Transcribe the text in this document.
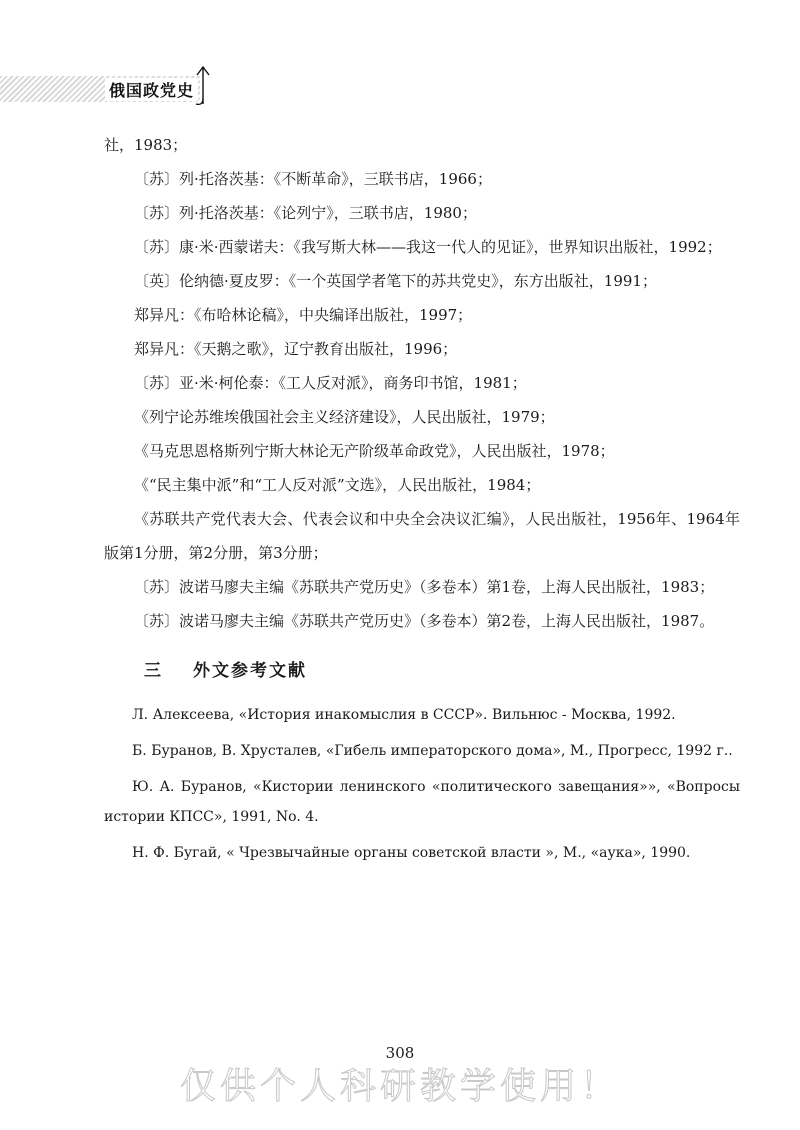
俄国政党史

社，1983；

〔苏〕列·托洛茨基：《不断革命》，三联书店，1966；

〔苏〕列·托洛茨基：《论列宁》，三联书店，1980；

〔苏〕康·米·西蒙诺夫：《我写斯大林——我这一代人的见证》，世界知识出版社，1992；

〔英〕伦纳德·夏皮罗：《一个英国学者笔下的苏共党史》，东方出版社，1991；

郑异凡：《布哈林论稿》，中央编译出版社，1997；

郑异凡：《天鹅之歌》，辽宁教育出版社，1996；

〔苏〕亚·米·柯伦泰：《工人反对派》，商务印书馆，1981；

《列宁论苏维埃俄国社会主义经济建设》，人民出版社，1979；

《马克思恩格斯列宁斯大林论无产阶级革命政党》，人民出版社，1978；

《“民主集中派”和“工人反对派”文选》，人民出版社，1984；

《苏联共产党代表大会、代表会议和中央全会决议汇编》，人民出版社，1956年、1964年版第1分册，第2分册，第3分册；

〔苏〕波诺马廖夫主编《苏联共产党历史》（多卷本）第1卷，上海人民出版社，1983；

〔苏〕波诺马廖夫主编《苏联共产党历史》（多卷本）第2卷，上海人民出版社，1987。

三 外文参考文献

Л. Алексеева, «История инакомыслия в СССР». Вильнюс - Москва, 1992.

Б. Буранов, В. Хрусталев, «Гибель императорского дома», М., Прогресс, 1992 г..

Ю. А. Буранов, «Кистории ленинского «политического завещания»», «Вопросы истории КПСС», 1991, No. 4.

Н. Ф. Бугай, « Чрезвычайные органы советской власти », М., «аука», 1990.

308
仅供个人科研教学使用！
